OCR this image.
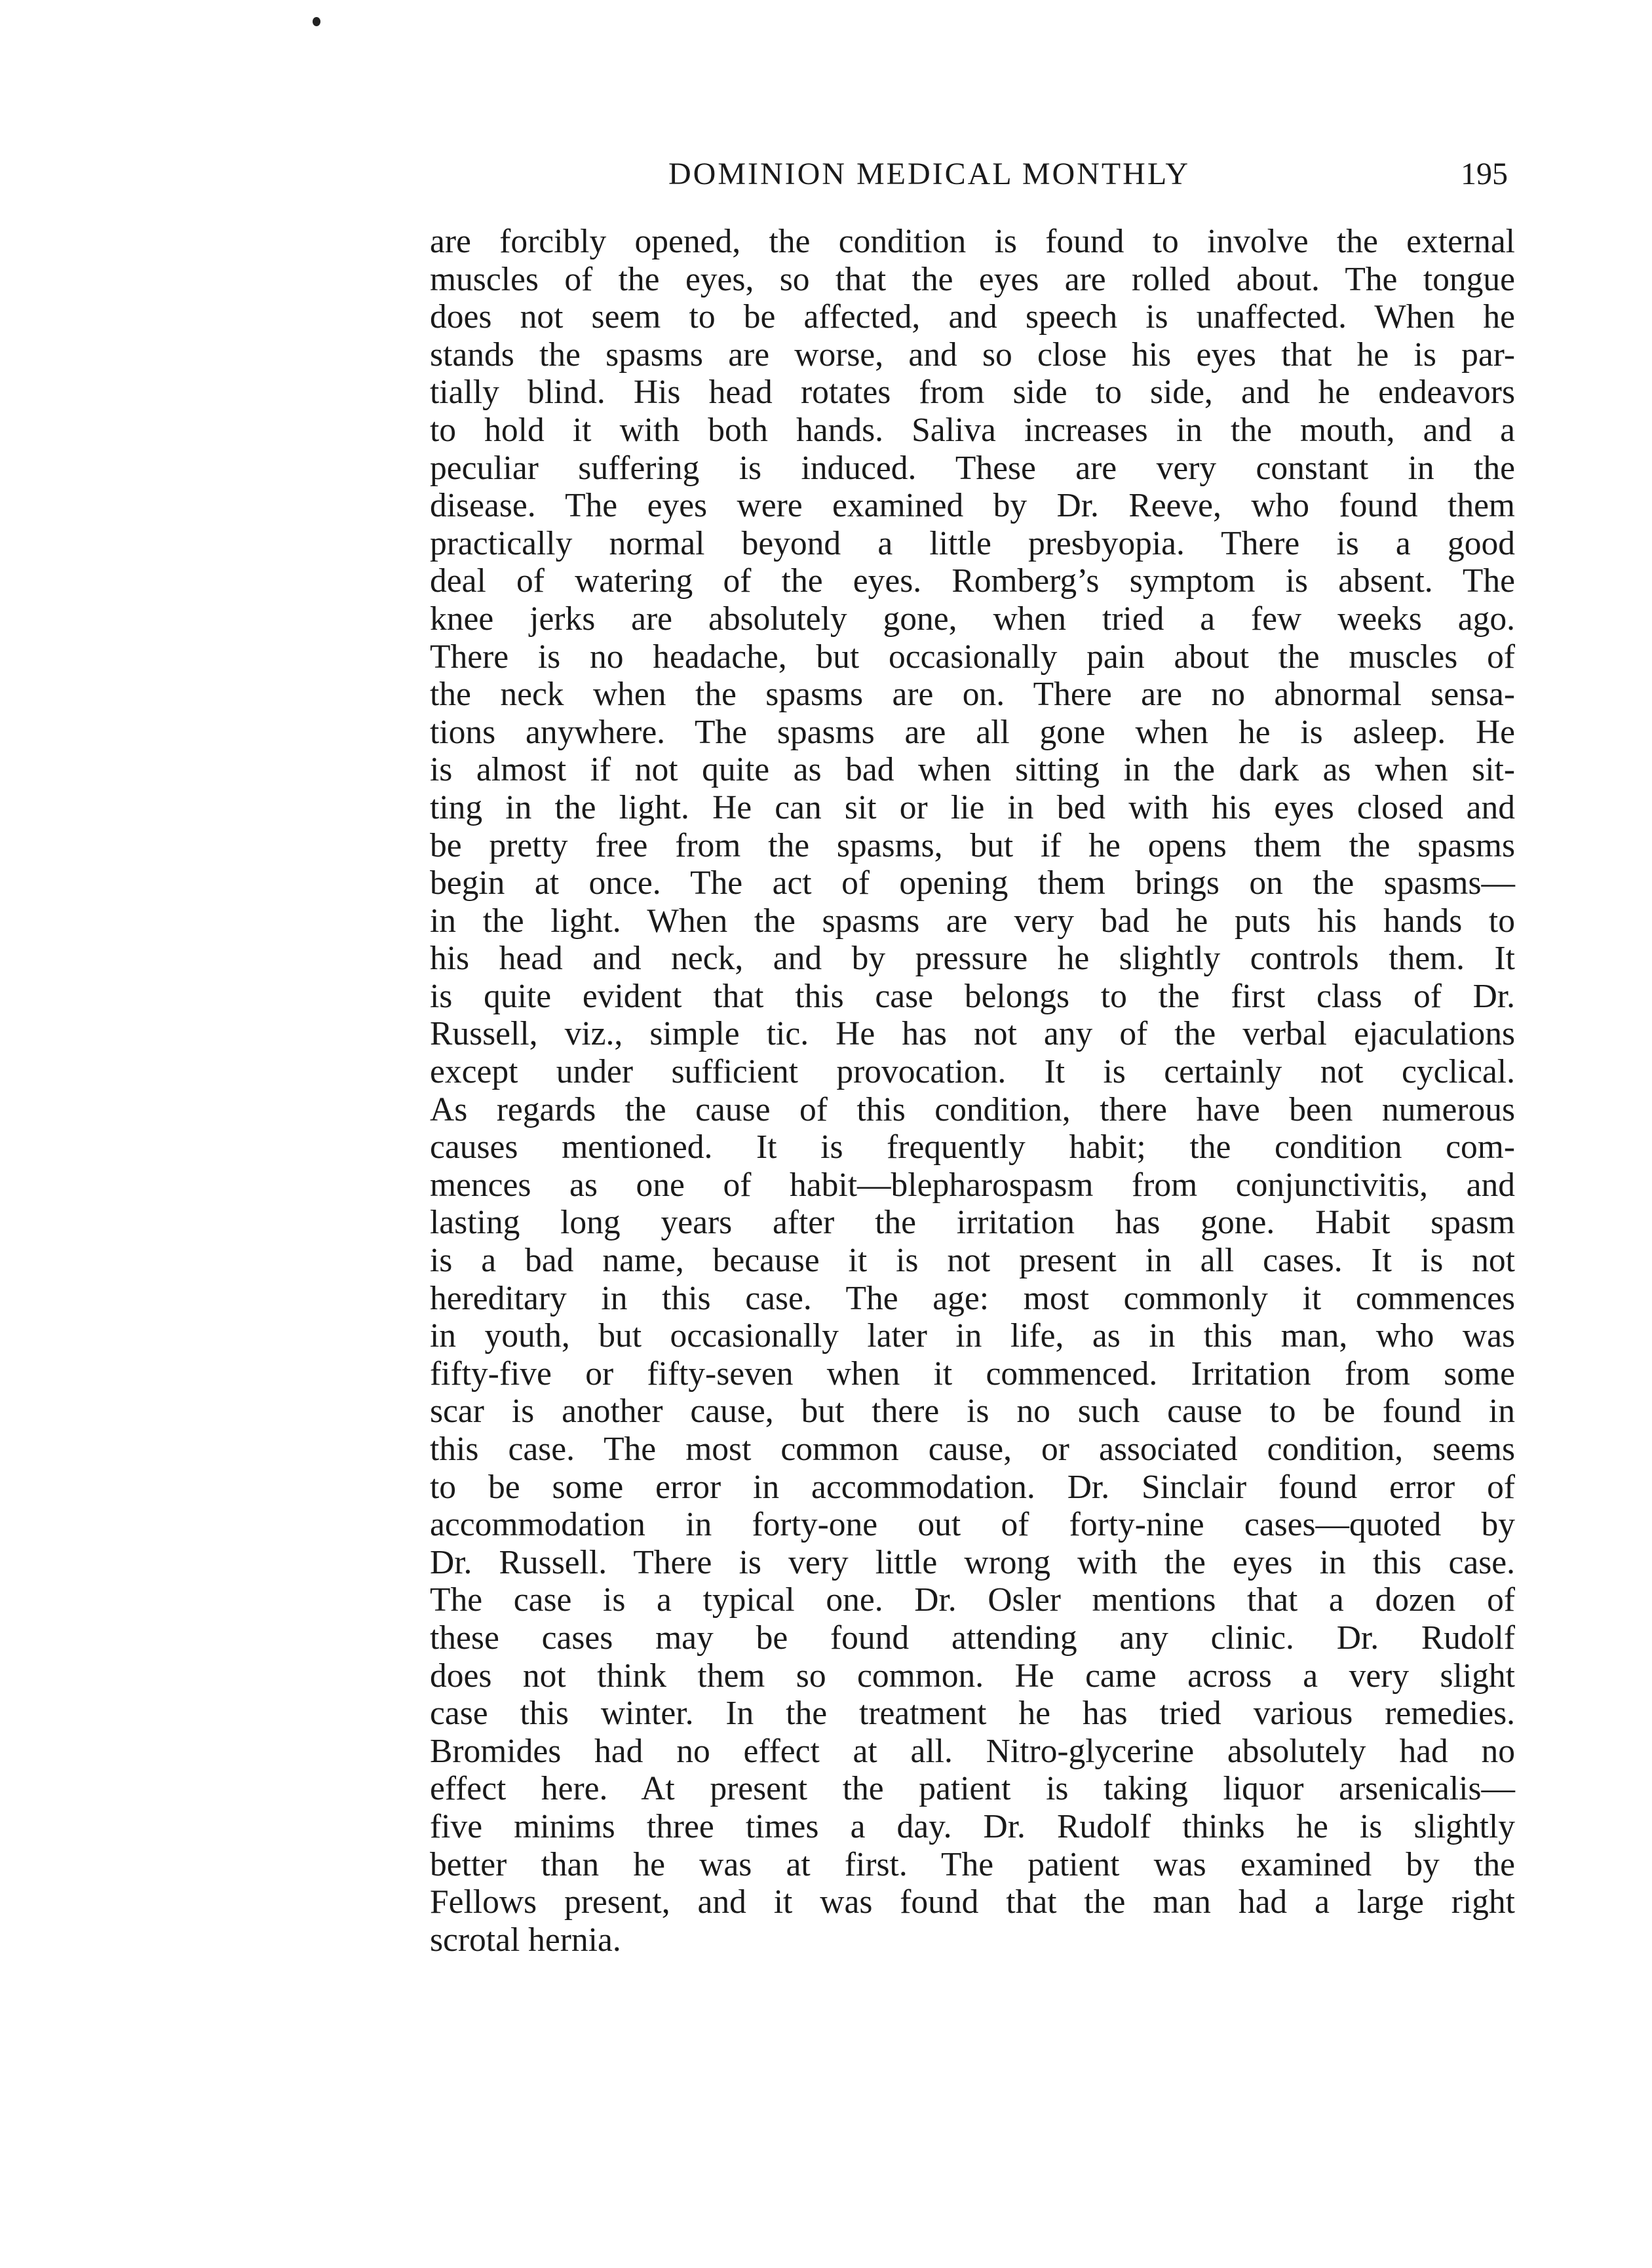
DOMINION MEDICAL MONTHLY	195
are forcibly opened, the condition is found to involve the external
muscles of the eyes, so that the eyes are rolled about. The tongue
does not seem to be affected, and speech is unaffected. When he
stands the spasms are worse, and so close his eyes that he is par-
tially blind. His head rotates from side to side, and he endeavors
to hold it with both hands. Saliva increases in the mouth, and a
peculiar suffering is induced. These are very constant in the
disease. The eyes were examined by Dr. Reeve, who found them
practically normal beyond a little presbyopia. There is a good
deal of watering of the eyes. Romberg’s symptom is absent. The
knee jerks are absolutely gone, when tried a few weeks ago.
There is no headache, but occasionally pain about the muscles of
the neck when the spasms are on. There are no abnormal sensa-
tions anywhere. The spasms are all gone when he is asleep. He
is almost if not quite as bad when sitting in the dark as when sit-
ting in the light. He can sit or lie in bed with his eyes closed and
be pretty free from the spasms, but if he opens them the spasms
begin at once. The act of opening them brings on the spasms—
in the light. When the spasms are very bad he puts his hands to
his head and neck, and by pressure he slightly controls them. It
is quite evident that this case belongs to the first class of Dr.
Russell, viz., simple tic. He has not any of the verbal ejaculations
except under sufficient provocation. It is certainly not cyclical.
As regards the cause of this condition, there have been numerous
causes mentioned. It is frequently habit; the condition com-
mences as one of habit—blepharospasm from conjunctivitis, and
lasting long years after the irritation has gone. Habit spasm
is a bad name, because it is not present in all cases. It is not
hereditary in this case. The age: most commonly it commences
in youth, but occasionally later in life, as in this man, who was
fifty-five or fifty-seven when it commenced. Irritation from some
scar is another cause, but there is no such cause to be found in
this case. The most common cause, or associated condition, seems
to be some error in accommodation. Dr. Sinclair found error of
accommodation in forty-one out of forty-nine cases—quoted by
Dr. Russell. There is very little wrong with the eyes in this case.
The case is a typical one. Dr. Osler mentions that a dozen of
these cases may be found attending any clinic. Dr. Rudolf
does not think them so common. He came across a very slight
case this winter. In the treatment he has tried various remedies.
Bromides had no effect at all. Nitro-glycerine absolutely had no
effect here. At present the patient is taking liquor arsenicalis—
five minims three times a day. Dr. Rudolf thinks he is slightly
better than he was at first. The patient was examined by the
Fellows present, and it was found that the man had a large right
scrotal hernia.
